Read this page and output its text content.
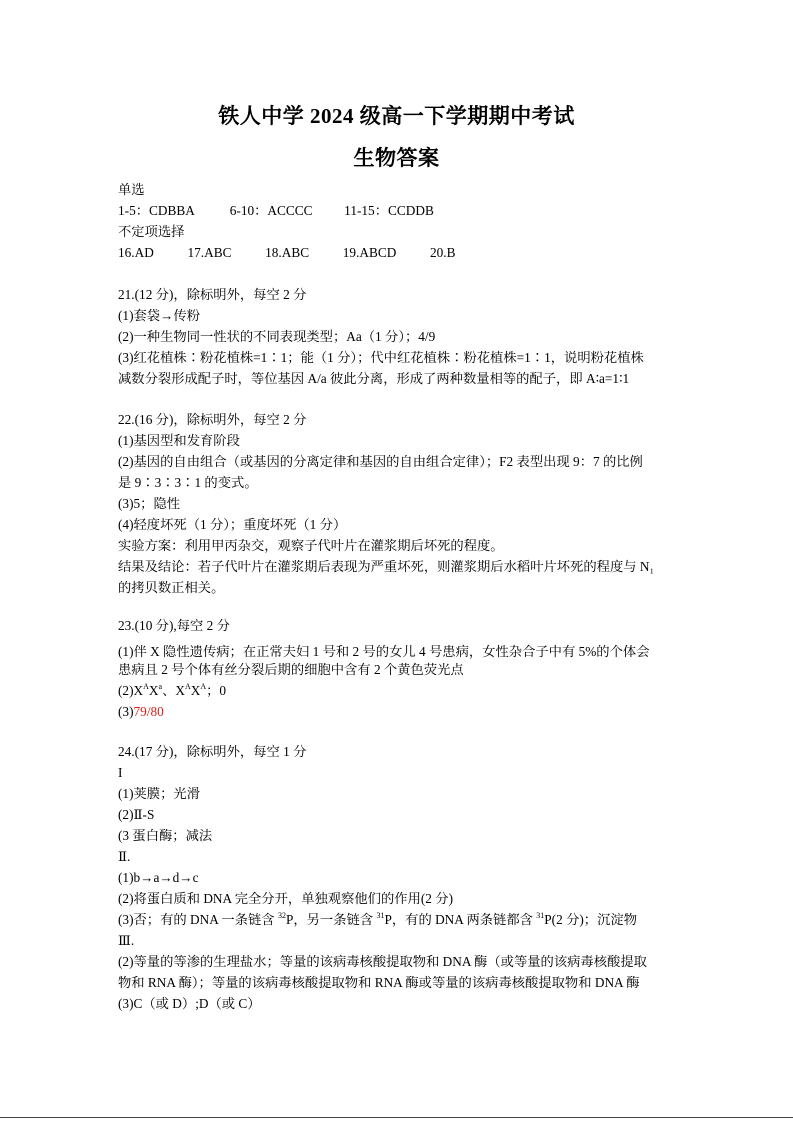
铁人中学 2024 级高一下学期期中考试
生物答案
单选
1-5：CDBBA	6-10：ACCCC 11-15：CCDDB
不定项选择
16.AD	17.ABC	18.ABC	19.ABCD	20.B
21.(12 分)，除标明外，每空 2 分
(1)套袋→传粉
(2)一种生物同一性状的不同表现类型；Aa（1 分）；4/9
(3)红花植株∶粉花植株=1∶1；能（1 分）；代中红花植株∶粉花植株=1∶1，说明粉花植株
减数分裂形成配子时，等位基因 A/a 彼此分离，形成了两种数量相等的配子，即 A∶a=1∶1
22.(16 分)，除标明外，每空 2 分
(1)基因型和发育阶段
(2)基因的自由组合（或基因的分离定律和基因的自由组合定律）；F2 表型出现 9：7 的比例
是 9∶3∶3∶1 的变式。
(3)5；隐性
(4)轻度坏死（1 分）；重度坏死（1 分）
实验方案：利用甲丙杂交，观察子代叶片在灌浆期后坏死的程度。
结果及结论：若子代叶片在灌浆期后表现为严重坏死，则灌浆期后水稻叶片坏死的程度与 N₁
的拷贝数正相关。
23.(10 分),每空 2 分
(1)伴 X 隐性遗传病；在正常夫妇 1 号和 2 号的女儿 4 号患病，女性杂合子中有 5%的个体会
患病且 2 号个体有丝分裂后期的细胞中含有 2 个黄色荧光点
$(2)X^AX^a$、$X^AX^A$；0
(3)79/80
24.(17 分)，除标明外，每空 1 分
I
(1)荚膜；光滑
(2)Ⅱ-S
(3 蛋白酶；减法
Ⅱ.
(1)b→a→d→c
(2)将蛋白质和 DNA 完全分开，单独观察他们的作用(2 分)
(3)否；有的 DNA 一条链含 $^{32}$P，另一条链含 $^{31}$P，有的 DNA 两条链都含 $^{31}$P(2 分)；沉淀物
Ⅲ.
(2)等量的等渗的生理盐水；等量的该病毒核酸提取物和 DNA 酶（或等量的该病毒核酸提取
物和 RNA 酶）；等量的该病毒核酸提取物和 RNA 酶或等量的该病毒核酸提取物和 DNA 酶
(3)C（或 D）;D（或 C）
